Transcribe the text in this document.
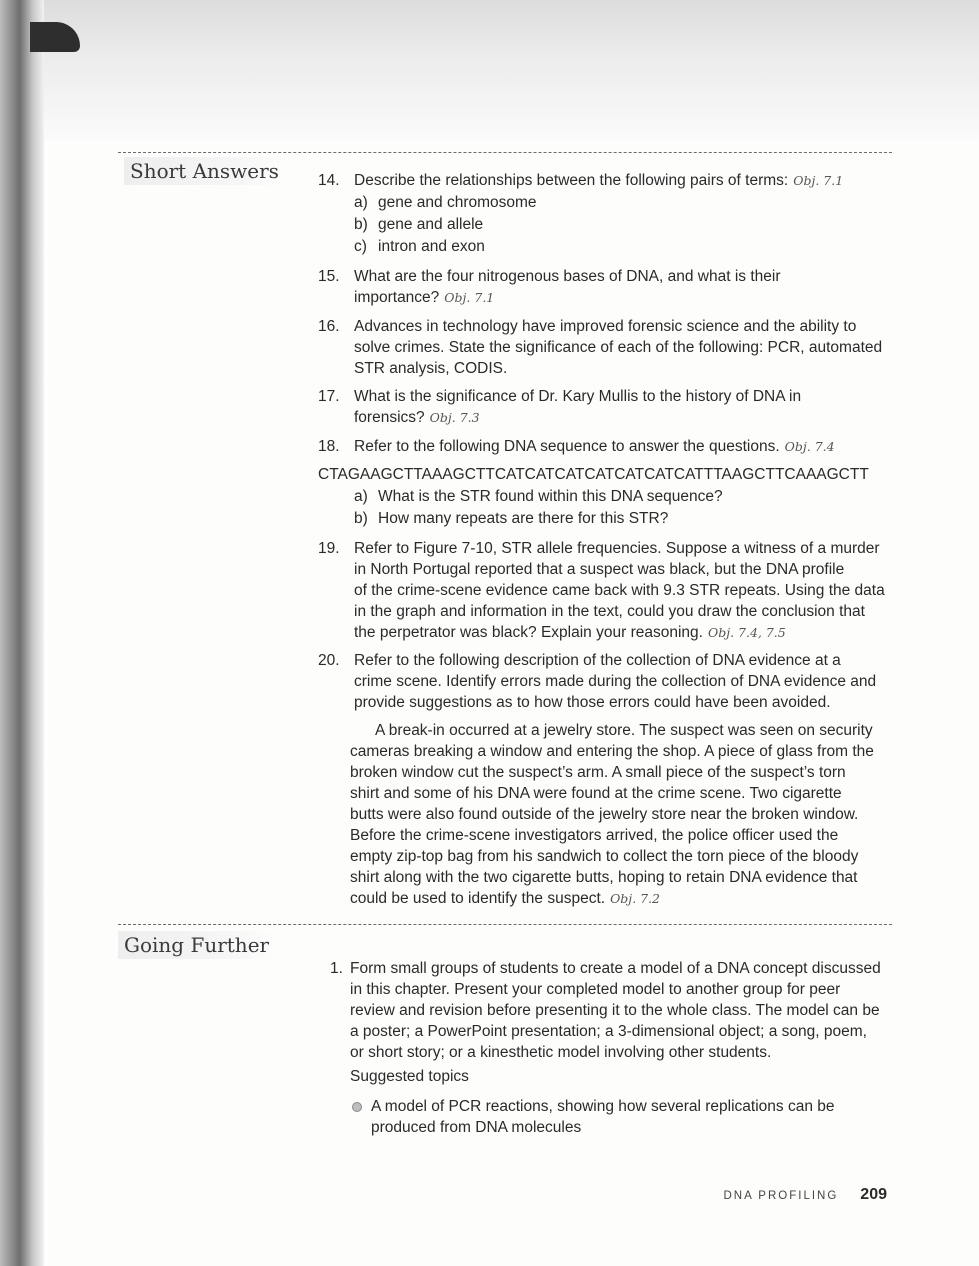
Short Answers	14. Describe the relationships between the following pairs of terms: Obj. 7.1
a) gene and chromosome
b) gene and allele
c) intron and exon
15. What are the four nitrogenous bases of DNA, and what is their
importance? Obj. 7.1
16. Advances in technology have improved forensic science and the ability to
solve crimes. State the significance of each of the following: PCR, automated
STR analysis, CODIS.
17. What is the significance of Dr. Kary Mullis to the history of DNA in
forensics? Obj. 7.3
18. Refer to the following DNA sequence to answer the questions. Obj. 7.4
CTAGAAGCTTAAAGCTTCATCATCATCATCATCATCATTTAAGCTTCAAAGCTT
a) What is the STR found within this DNA sequence?
b) How many repeats are there for this STR?
19. Refer to Figure 7-10, STR allele frequencies. Suppose a witness of a murder
in North Portugal reported that a suspect was black, but the DNA profile
of the crime-scene evidence came back with 9.3 STR repeats. Using the data
in the graph and information in the text, could you draw the conclusion that
the perpetrator was black? Explain your reasoning. Obj. 7.4, 7.5
20. Refer to the following description of the collection of DNA evidence at a
crime scene. Identify errors made during the collection of DNA evidence and
provide suggestions as to how those errors could have been avoided.
A break-in occurred at a jewelry store. The suspect was seen on security
cameras breaking a window and entering the shop. A piece of glass from the
broken window cut the suspect’s arm. A small piece of the suspect’s torn
shirt and some of his DNA were found at the crime scene. Two cigarette
butts were also found outside of the jewelry store near the broken window.
Before the crime-scene investigators arrived, the police officer used the
empty zip-top bag from his sandwich to collect the torn piece of the bloody
shirt along with the two cigarette butts, hoping to retain DNA evidence that
could be used to identify the suspect. Obj. 7.2
Going Further
1. Form small groups of students to create a model of a DNA concept discussed
in this chapter. Present your completed model to another group for peer
review and revision before presenting it to the whole class. The model can be
a poster; a PowerPoint presentation; a 3-dimensional object; a song, poem,
or short story; or a kinesthetic model involving other students.
Suggested topics
A model of PCR reactions, showing how several replications can be
produced from DNA molecules
DNA PROFILING 209
